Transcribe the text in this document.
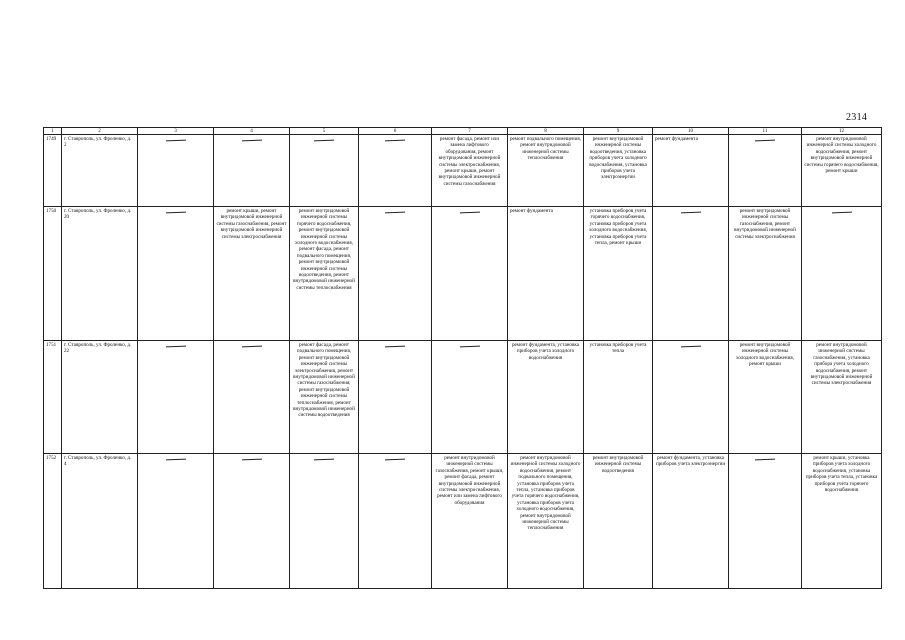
2314
1	2	3	4	5	6	7	8	9	10	11	12
1749	г. Ставрополь, ул. Фроленко, д. 2					ремонт фасада, ремонт или замена лифтового оборудования, ремонт внутридомовой инженерной системы электроснабжения, ремонт крыши, ремонт внутридомовой инженерной системы газоснабжения	ремонт подвального помещения, ремонт внутридомовой инженерной системы теплоснабжения	ремонт внутридомовой инженерной системы водоотведения, установка приборов учета холодного водоснабжения, установка приборов учета электроэнергии	ремонт фундамента		ремонт внутридомовой инженерной системы холодного водоснабжения, ремонт внутридомовой инженерной системы горячего водоснабжения, ремонт крыши
1750	г. Ставрополь, ул. Фроленко, д. 20		ремонт крыши, ремонт внутридомовой инженерной системы газоснабжения, ремонт внутридомовой инженерной системы электроснабжения	ремонт внутридомовой инженерной системы горячего водоснабжения, ремонт внутридомовой инженерной системы холодного водоснабжения, ремонт фасада, ремонт подвального помещения, ремонт внутридомовой инженерной системы водоотведения, ремонт внутридомовой инженерной системы теплоснабжения			ремонт фундамента	установка приборов учета горячего водоснабжения, установка приборов учета холодного водоснабжения, установка приборов учета тепла, ремонт крыши		ремонт внутридомовой инженерной системы газоснабжения, ремонт внутридомовой инженерной системы электроснабжения	

1751	г. Ставрополь, ул. Фроленко, д. 22			ремонт фасада, ремонт подвального помещения, ремонт внутридомовой инженерной системы электроснабжения, ремонт внутридомовой инженерной системы газоснабжения, ремонт внутридомовой инженерной системы теплоснабжения, ремонт внутридомовой инженерной системы водоотведения			ремонт фундамента, установка приборов учета холодного водоснабжения	установка приборов учета тепла		ремонт внутридомовой инженерной системы холодного водоснабжения, ремонт крыши	ремонт внутридомовой инженерной системы газоснабжения, установка прибора учета холодного водоснабжения, ремонт внутридомовой инженерной системы электроснабжения
1752	г. Ставрополь, ул. Фроленко, д. 4					ремонт внутридомовой инженерной системы газоснабжения, ремонт крыши, ремонт фасада, ремонт внутридомовой инженерной системы электроснабжения, ремонт или замена лифтового оборудования	ремонт внутридомовой инженерной системы холодного водоснабжения, ремонт подвального помещения, установка приборов учета тепла, установка приборов учета горячего водоснабжения, установка приборов учета холодного водоснабжения, ремонт внутридомовой инженерной системы теплоснабжения	ремонт внутридомовой инженерной системы водоотведения	ремонт фундамента, установка приборов учета электроэнергии		ремонт крыши, установка приборов учета холодного водоснабжения, установка приборов учета тепла, установка приборов учета горячего водоснабжения
